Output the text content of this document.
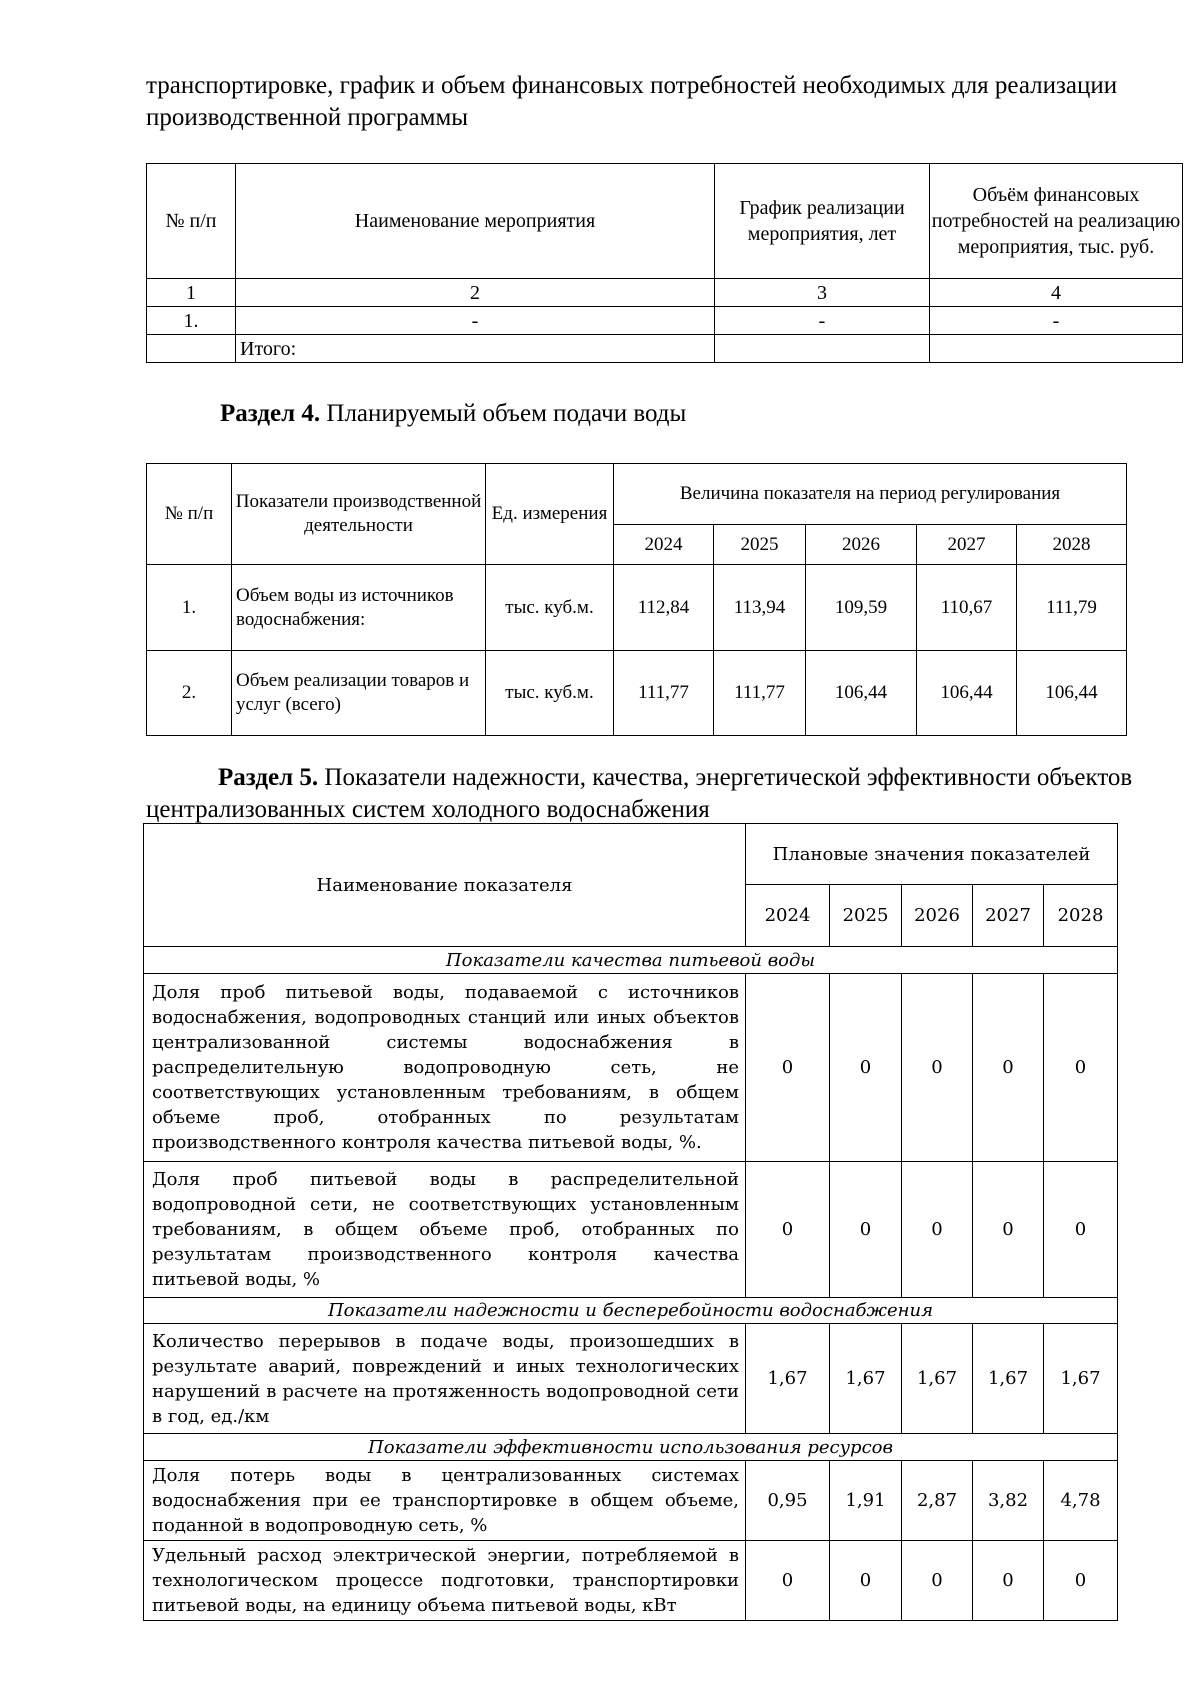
транспортировке, график и объем финансовых потребностей необходимых для реализации производственной программы
№ п/п	Наименование мероприятия	График реализации мероприятия, лет	Объём финансовых потребностей на реализацию мероприятия, тыс. руб.
1	2	3	4
1.	-	-	-
	Итого:		
Раздел 4. Планируемый объем подачи воды
№ п/п	Показатели производственной деятельности	Ед. измерения	Величина показателя на период регулирования				
			2024	2025	2026	2027	2028
1.	Объем воды из источников водоснабжения:	тыс. куб.м.	112,84	113,94	109,59	110,67	111,79
2.	Объем реализации товаров и услуг (всего)	тыс. куб.м.	111,77	111,77	106,44	106,44	106,44
Раздел 5. Показатели надежности, качества, энергетической эффективности объектов централизованных систем холодного водоснабжения
Наименование показателя	Плановые значения показателей				
	2024	2025	2026	2027	2028
Показатели качества питьевой воды					
Доля проб питьевой воды, подаваемой с источников водоснабжения, водопроводных станций или иных объектов централизованной системы водоснабжения в распределительную водопроводную сеть, не соответствующих установленным требованиям, в общем объеме проб, отобранных по результатам производственного контроля качества питьевой воды, %.	0	0	0	0	0
Доля проб питьевой воды в распределительной водопроводной сети, не соответствующих установленным требованиям, в общем объеме проб, отобранных по результатам производственного контроля качества питьевой воды, %	0	0	0	0	0
Показатели надежности и бесперебойности водоснабжения					
Количество перерывов в подаче воды, произошедших в результате аварий, повреждений и иных технологических нарушений в расчете на протяженность водопроводной сети в год, ед./км	1,67	1,67	1,67	1,67	1,67
Показатели эффективности использования ресурсов					
Доля потерь воды в централизованных системах водоснабжения при ее транспортировке в общем объеме, поданной в водопроводную сеть, %	0,95	1,91	2,87	3,82	4,78
Удельный расход электрической энергии, потребляемой в технологическом процессе подготовки, транспортировки питьевой воды, на единицу объема питьевой воды, кВт	0	0	0	0	0
